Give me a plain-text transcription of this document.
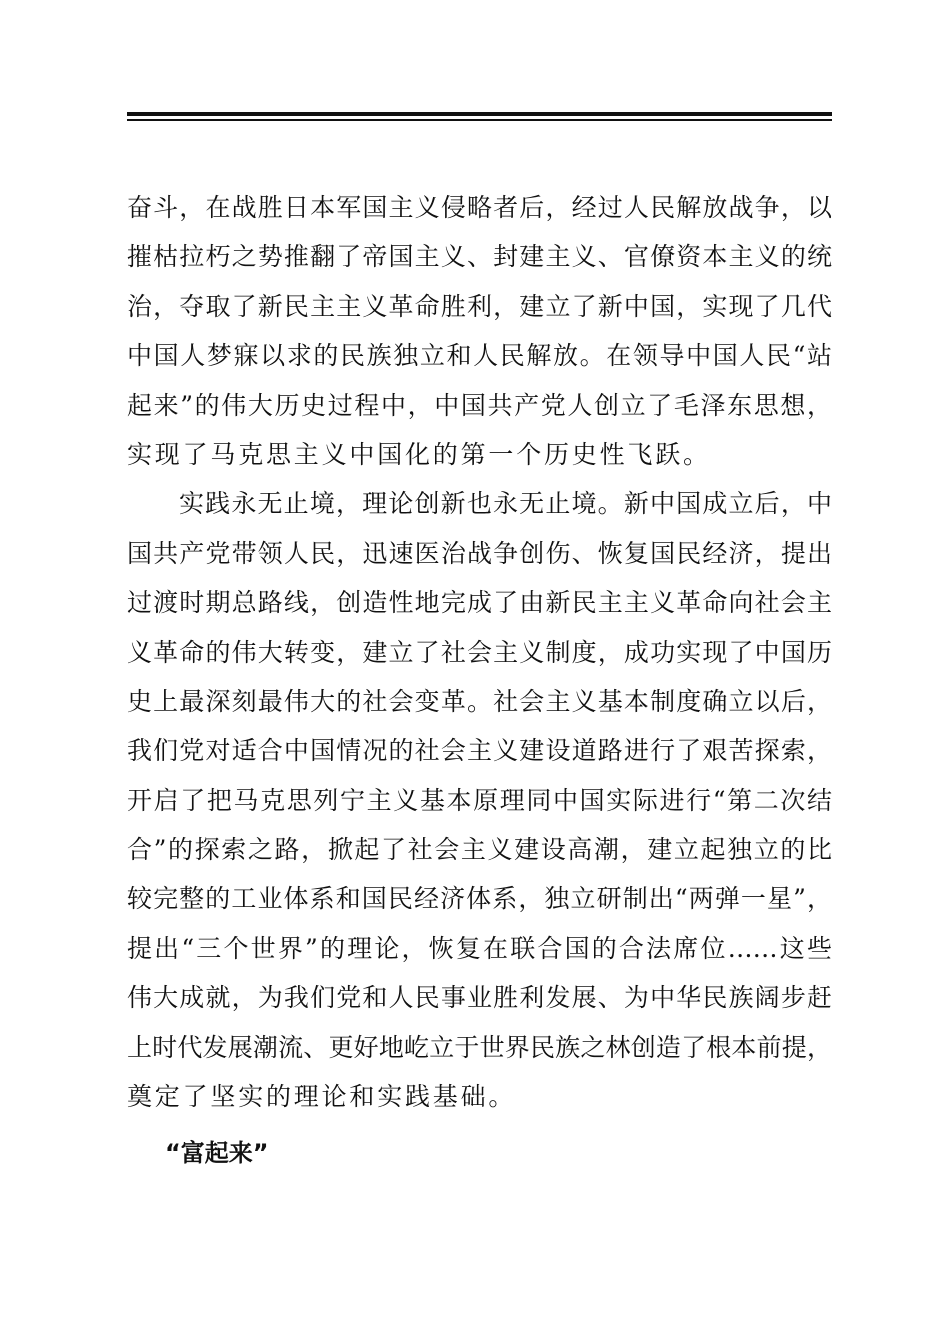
奋斗，在战胜日本军国主义侵略者后，经过人民解放战争，以
摧枯拉朽之势推翻了帝国主义、封建主义、官僚资本主义的统
治，夺取了新民主主义革命胜利，建立了新中国，实现了几代
中国人梦寐以求的民族独立和人民解放。在领导中国人民“站
起来”的伟大历史过程中，中国共产党人创立了毛泽东思想，
实现了马克思主义中国化的第一个历史性飞跃。
实践永无止境，理论创新也永无止境。新中国成立后，中
国共产党带领人民，迅速医治战争创伤、恢复国民经济，提出
过渡时期总路线，创造性地完成了由新民主主义革命向社会主
义革命的伟大转变，建立了社会主义制度，成功实现了中国历
史上最深刻最伟大的社会变革。社会主义基本制度确立以后，
我们党对适合中国情况的社会主义建设道路进行了艰苦探索，
开启了把马克思列宁主义基本原理同中国实际进行“第二次结
合”的探索之路，掀起了社会主义建设高潮，建立起独立的比
较完整的工业体系和国民经济体系，独立研制出“两弹一星”，
提出“三个世界”的理论，恢复在联合国的合法席位……这些
伟大成就，为我们党和人民事业胜利发展、为中华民族阔步赶
上时代发展潮流、更好地屹立于世界民族之林创造了根本前提，
奠定了坚实的理论和实践基础。
“富起来”
